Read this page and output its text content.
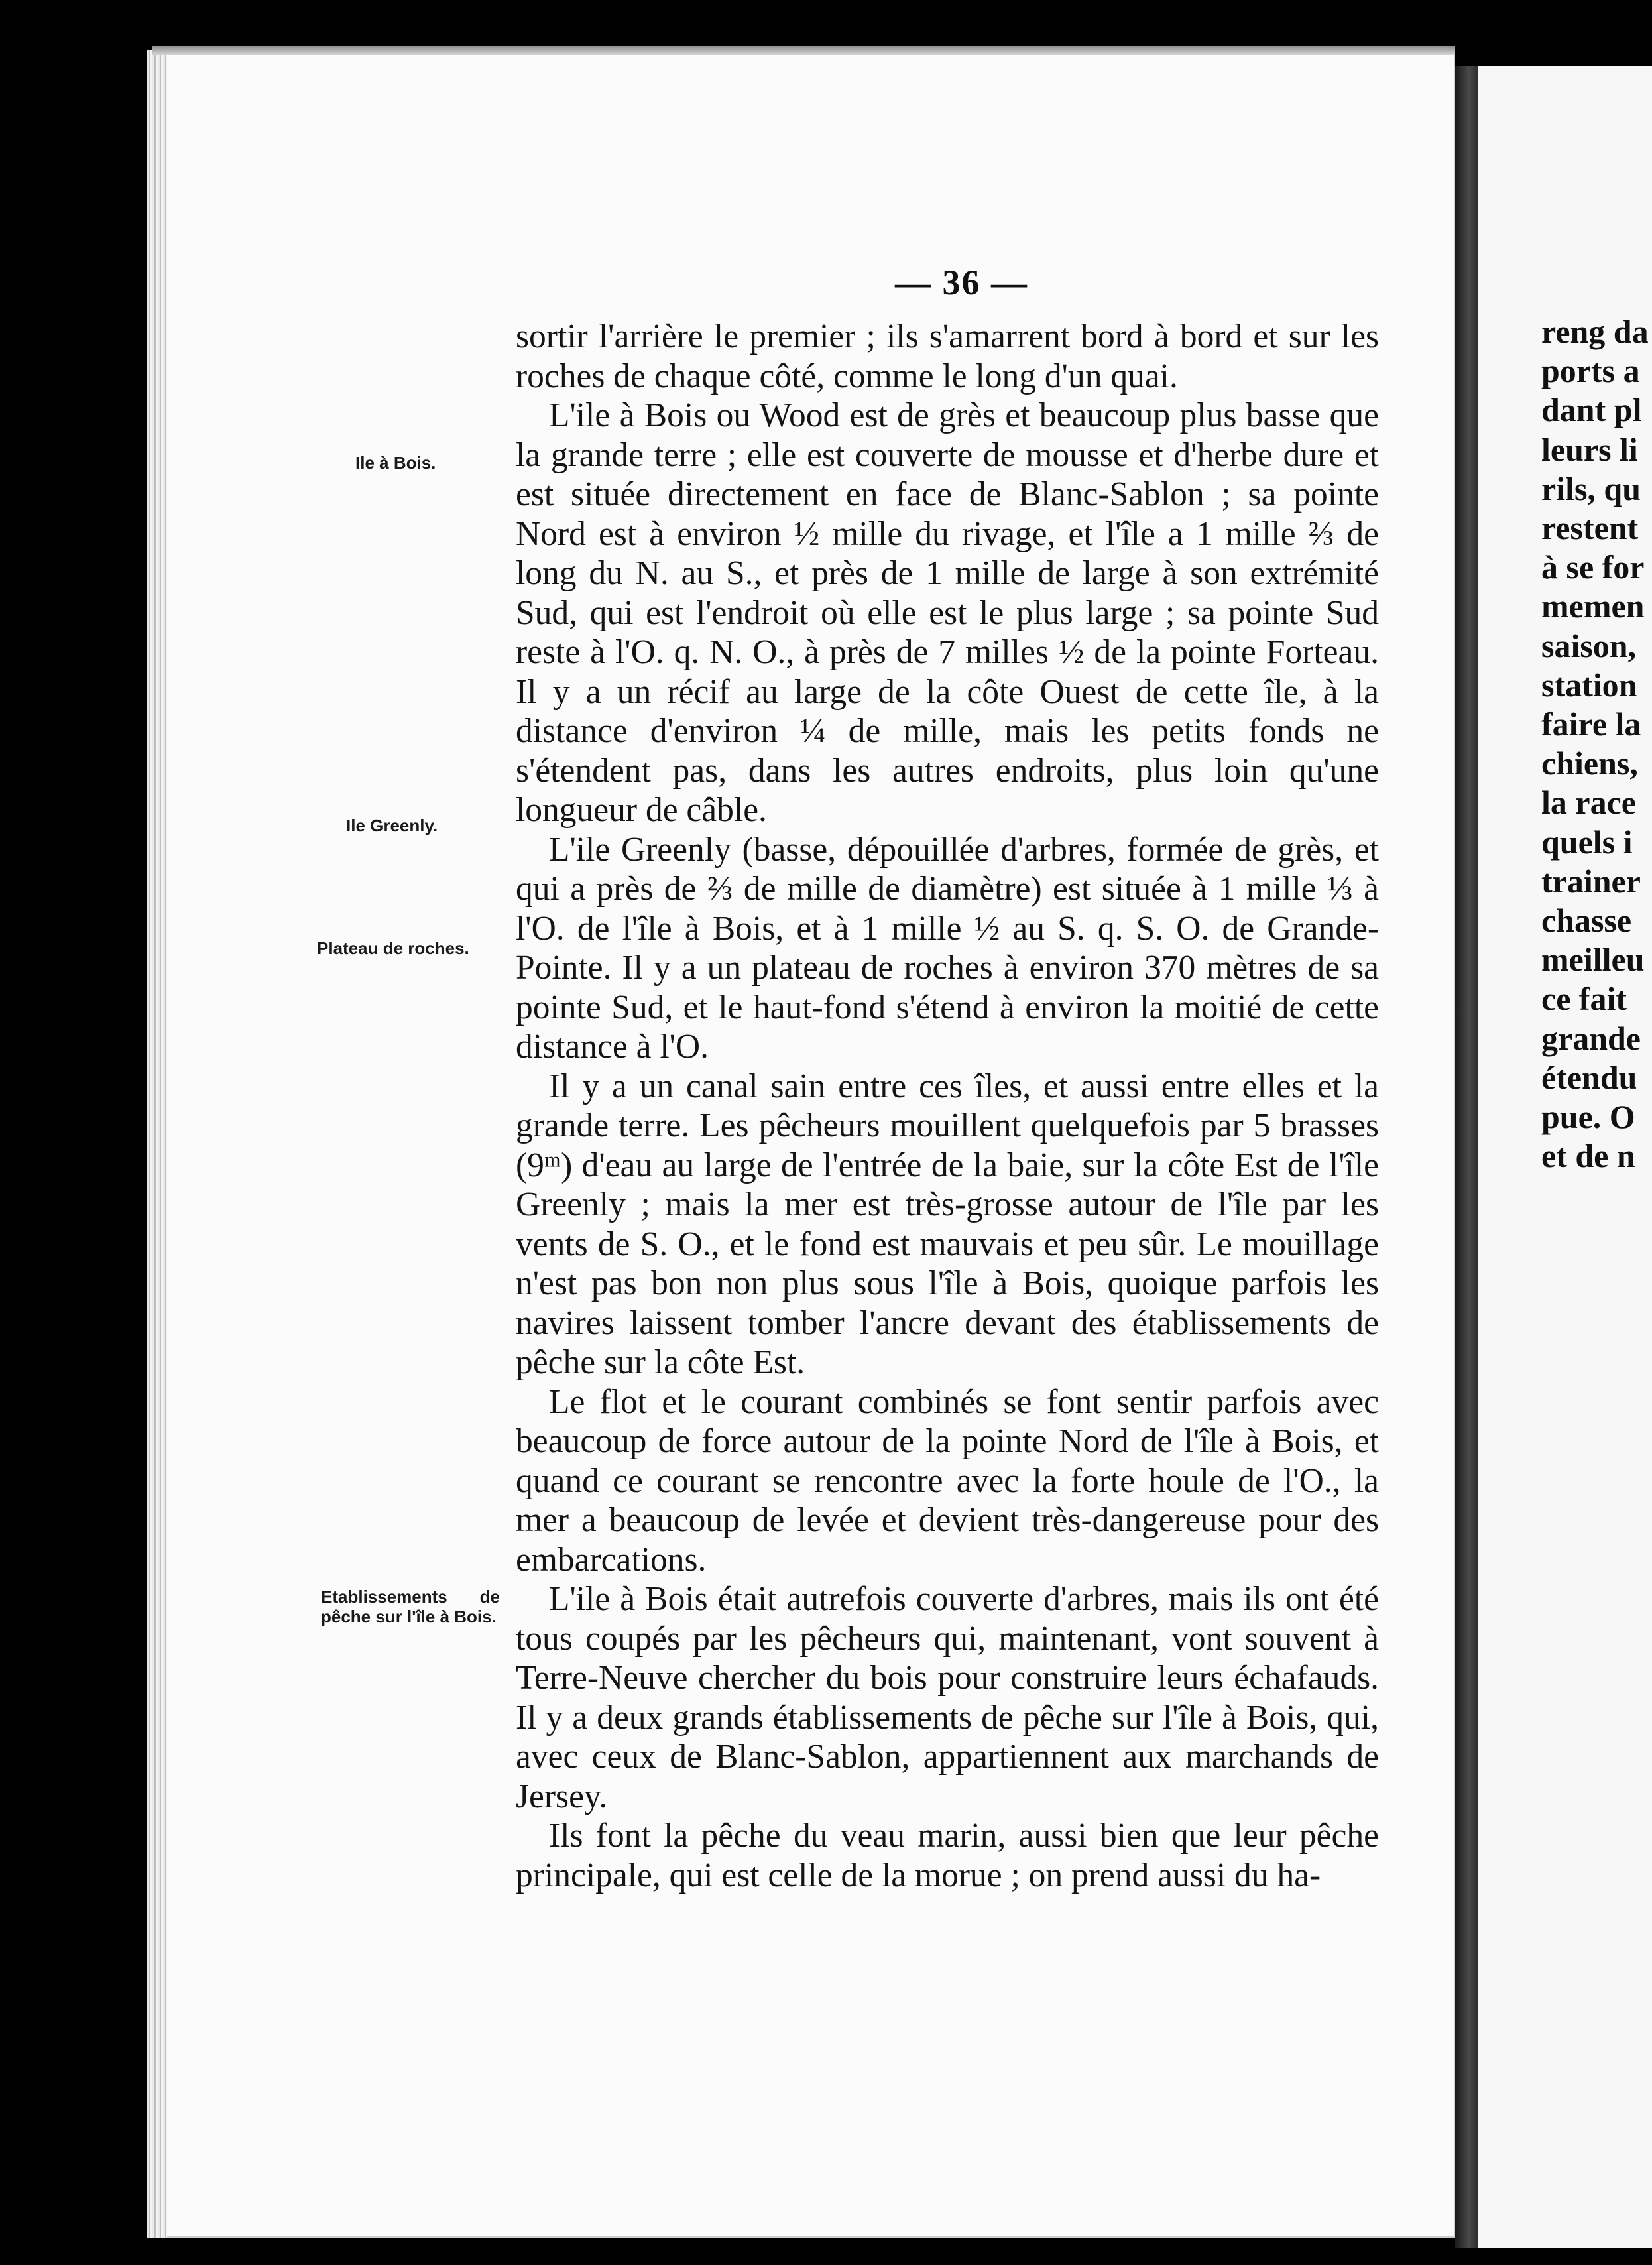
reng da
ports a
dant pl
leurs li
rils, qu
restent
à se for
memen
saison,
station
faire la
chiens,
la race
quels i
trainer
chasse
meilleu
ce fait
grande
étendu
pue. O
et de n
— 36 —
Ile à Bois.
Ile Greenly.
Plateau de roches.
Etablissements de pêche sur l'île à Bois.

sortir l'arrière le premier ; ils s'amarrent bord à bord et sur les roches de chaque côté, comme le long d'un quai.

L'ile à Bois ou Wood est de grès et beaucoup plus basse que la grande terre ; elle est couverte de mousse et d'herbe dure et est située directement en face de Blanc-Sablon ; sa pointe Nord est à environ ½ mille du rivage, et l'île a 1 mille ⅔ de long du N. au S., et près de 1 mille de large à son extrémité Sud, qui est l'endroit où elle est le plus large ; sa pointe Sud reste à l'O. q. N. O., à près de 7 milles ½ de la pointe Forteau. Il y a un récif au large de la côte Ouest de cette île, à la distance d'environ ¼ de mille, mais les petits fonds ne s'étendent pas, dans les autres endroits, plus loin qu'une longueur de câble.

L'ile Greenly (basse, dépouillée d'arbres, formée de grès, et qui a près de ⅔ de mille de diamètre) est située à 1 mille ⅓ à l'O. de l'île à Bois, et à 1 mille ½ au S. q. S. O. de Grande-Pointe. Il y a un plateau de roches à environ 370 mètres de sa pointe Sud, et le haut-fond s'étend à environ la moitié de cette distance à l'O.

Il y a un canal sain entre ces îles, et aussi entre elles et la grande terre. Les pêcheurs mouillent quelquefois par 5 brasses (9ᵐ) d'eau au large de l'entrée de la baie, sur la côte Est de l'île Greenly ; mais la mer est très-grosse autour de l'île par les vents de S. O., et le fond est mauvais et peu sûr. Le mouillage n'est pas bon non plus sous l'île à Bois, quoique parfois les navires laissent tomber l'ancre devant des établissements de pêche sur la côte Est.

Le flot et le courant combinés se font sentir parfois avec beaucoup de force autour de la pointe Nord de l'île à Bois, et quand ce courant se rencontre avec la forte houle de l'O., la mer a beaucoup de levée et devient très-dangereuse pour des embarcations.

L'ile à Bois était autrefois couverte d'arbres, mais ils ont été tous coupés par les pêcheurs qui, maintenant, vont souvent à Terre-Neuve chercher du bois pour construire leurs échafauds. Il y a deux grands établissements de pêche sur l'île à Bois, qui, avec ceux de Blanc-Sablon, appartiennent aux marchands de Jersey.

Ils font la pêche du veau marin, aussi bien que leur pêche principale, qui est celle de la morue ; on prend aussi du ha-
